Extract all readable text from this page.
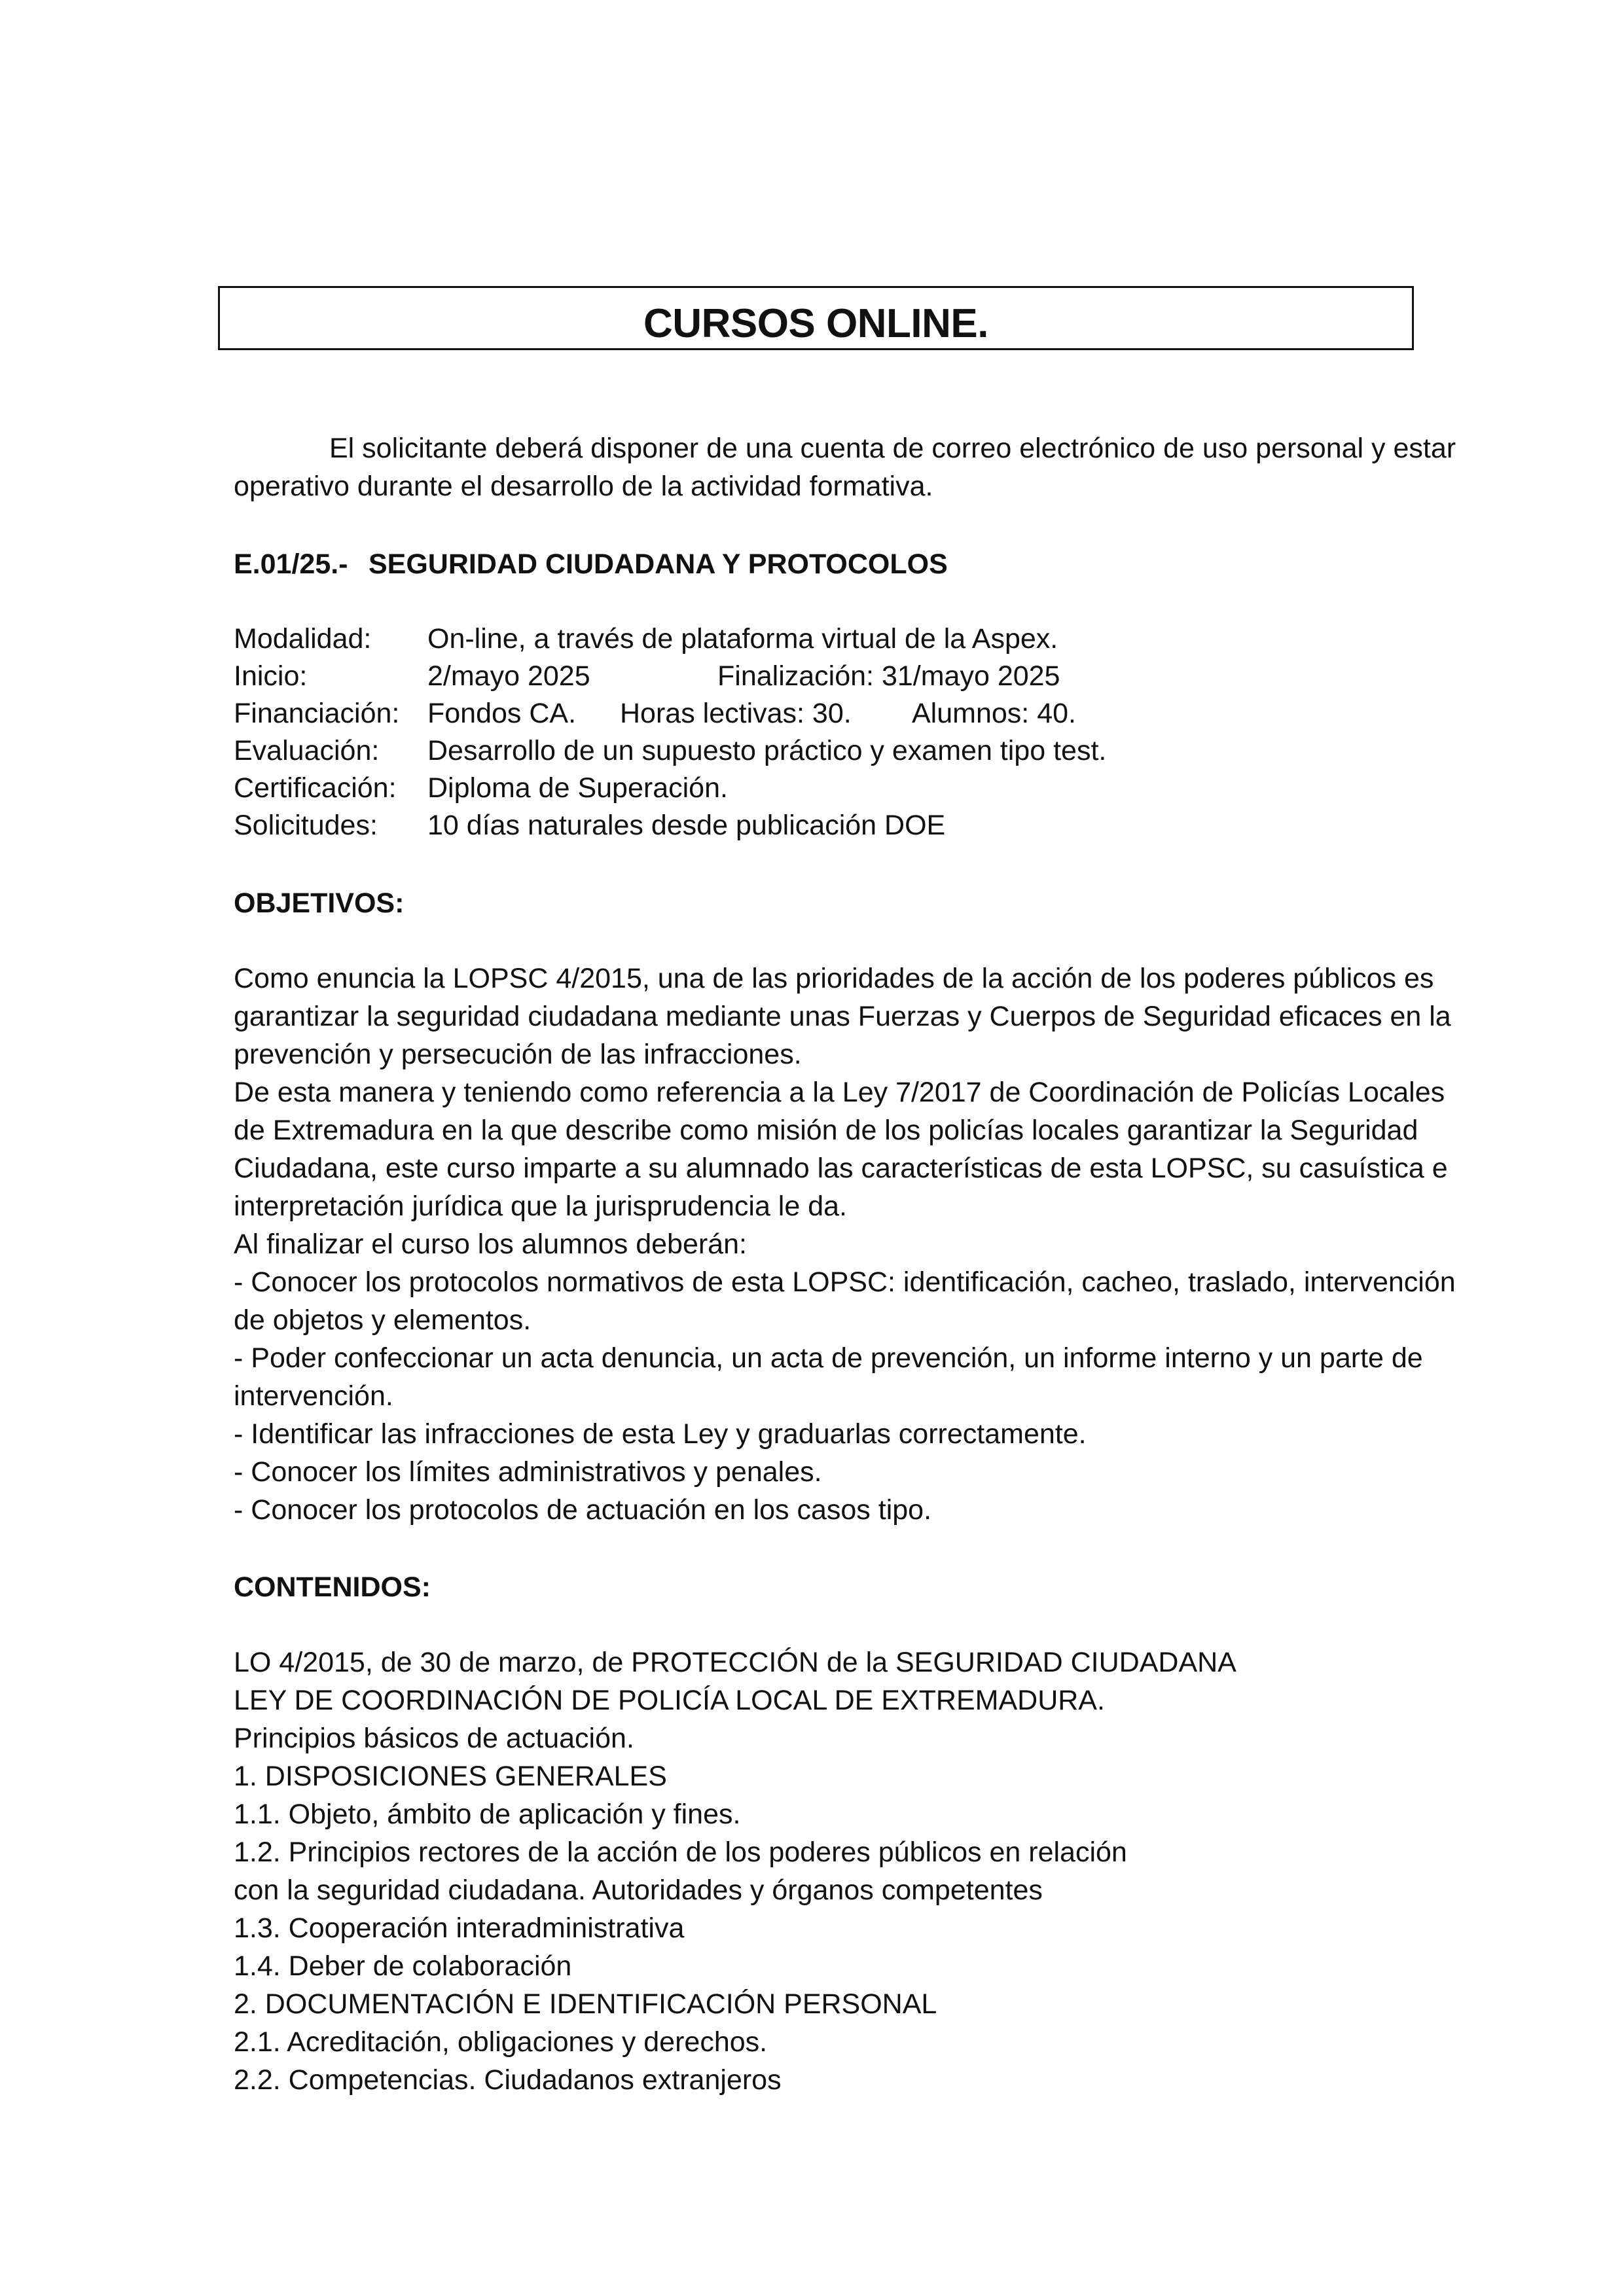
CURSOS ONLINE.
El solicitante deberá disponer de una cuenta de correo electrónico de uso personal y estar
operativo durante el desarrollo de la actividad formativa.
E.01/25.- SEGURIDAD CIUDADANA Y PROTOCOLOS
Modalidad: On-line, a través de plataforma virtual de la Aspex.
Inicio:	2/mayo 2025	Finalización: 31/mayo 2025
Financiación: Fondos CA. Horas lectivas: 30. Alumnos: 40.
Evaluación: Desarrollo de un supuesto práctico y examen tipo test.
Certificación: Diploma de Superación.
Solicitudes: 10 días naturales desde publicación DOE
OBJETIVOS:
Como enuncia la LOPSC 4/2015, una de las prioridades de la acción de los poderes públicos es
garantizar la seguridad ciudadana mediante unas Fuerzas y Cuerpos de Seguridad eficaces en la
prevención y persecución de las infracciones.
De esta manera y teniendo como referencia a la Ley 7/2017 de Coordinación de Policías Locales
de Extremadura en la que describe como misión de los policías locales garantizar la Seguridad
Ciudadana, este curso imparte a su alumnado las características de esta LOPSC, su casuística e
interpretación jurídica que la jurisprudencia le da.
Al finalizar el curso los alumnos deberán:
- Conocer los protocolos normativos de esta LOPSC: identificación, cacheo, traslado, intervención
de objetos y elementos.
- Poder confeccionar un acta denuncia, un acta de prevención, un informe interno y un parte de
intervención.
- Identificar las infracciones de esta Ley y graduarlas correctamente.
- Conocer los límites administrativos y penales.
- Conocer los protocolos de actuación en los casos tipo.
CONTENIDOS:
LO 4/2015, de 30 de marzo, de PROTECCIÓN de la SEGURIDAD CIUDADANA
LEY DE COORDINACIÓN DE POLICÍA LOCAL DE EXTREMADURA.
Principios básicos de actuación.
1. DISPOSICIONES GENERALES
1.1. Objeto, ámbito de aplicación y fines.
1.2. Principios rectores de la acción de los poderes públicos en relación
con la seguridad ciudadana. Autoridades y órganos competentes
1.3. Cooperación interadministrativa
1.4. Deber de colaboración
2. DOCUMENTACIÓN E IDENTIFICACIÓN PERSONAL
2.1. Acreditación, obligaciones y derechos.
2.2. Competencias. Ciudadanos extranjeros
